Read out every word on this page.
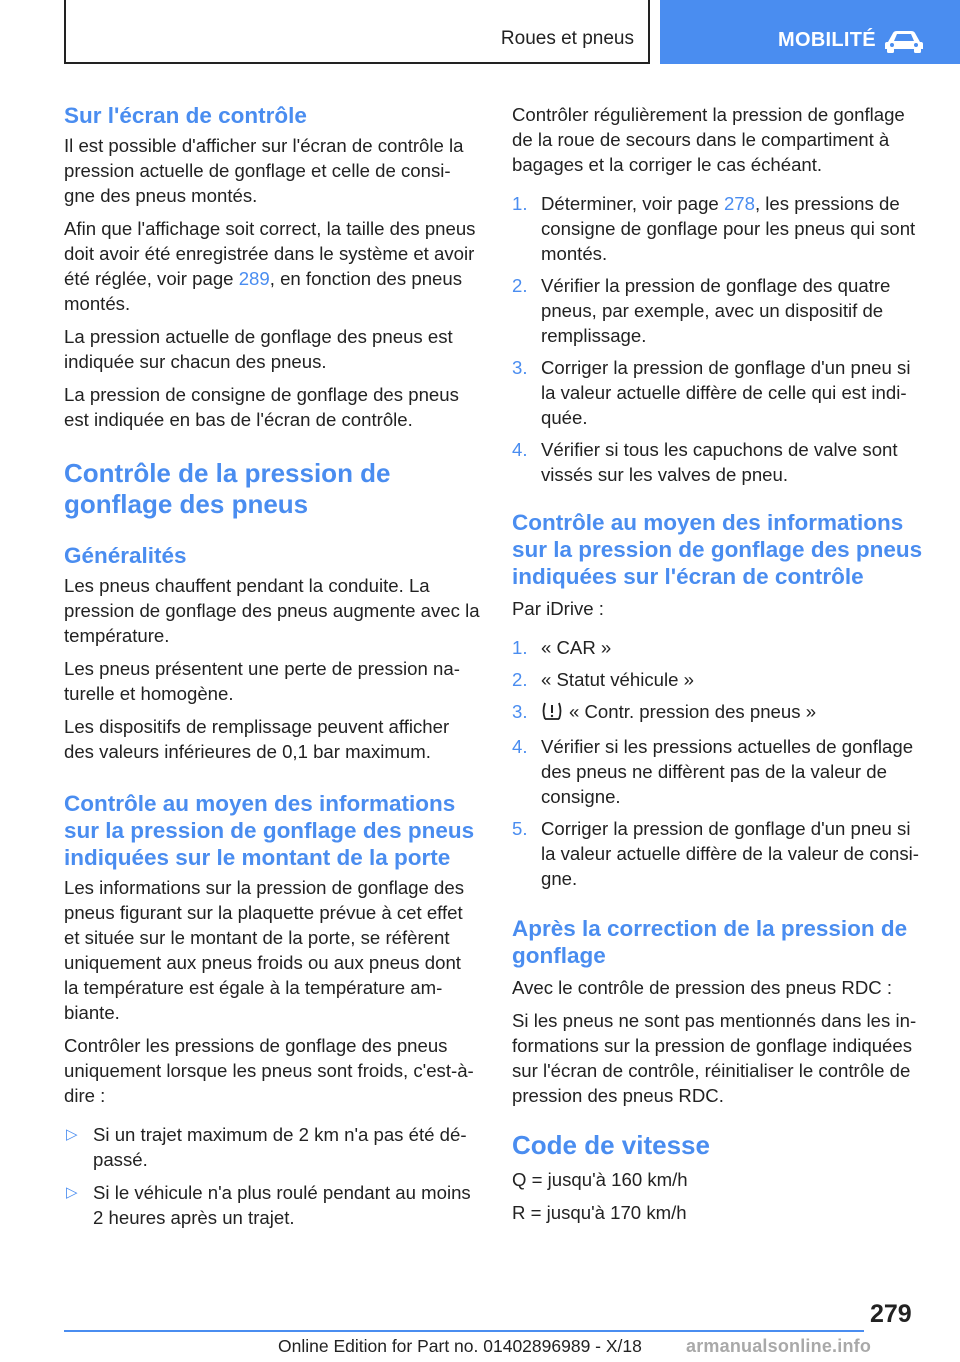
Roues et pneus	MOBILITÉ
Sur l'écran de contrôle

Il est possible d'afficher sur l'écran de contrôle la pression actuelle de gonflage et celle de consi-gne des pneus montés.

Afin que l'affichage soit correct, la taille des pneus doit avoir été enregistrée dans le système et avoir été réglée, voir page 289, en fonction des pneus montés.

La pression actuelle de gonflage des pneus est indiquée sur chacun des pneus.

La pression de consigne de gonflage des pneus est indiquée en bas de l'écran de contrôle.

Contrôle de la pression de gonflage des pneus
Généralités

Les pneus chauffent pendant la conduite. La pression de gonflage des pneus augmente avec la température.

Les pneus présentent une perte de pression na-turelle et homogène.

Les dispositifs de remplissage peuvent afficher des valeurs inférieures de 0,1 bar maximum.

Contrôle au moyen des informations sur la pression de gonflage des pneus indiquées sur le montant de la porte

Les informations sur la pression de gonflage des pneus figurant sur la plaquette prévue à cet effet et située sur le montant de la porte, se réfèrent uniquement aux pneus froids ou aux pneus dont la température est égale à la température am-biante.

Contrôler les pressions de gonflage des pneus uniquement lorsque les pneus sont froids, c'est-à-dire :

▷ Si un trajet maximum de 2 km n'a pas été dé-passé.
▷ Si le véhicule n'a plus roulé pendant au moins 2 heures après un trajet.

Contrôler régulièrement la pression de gonflage de la roue de secours dans le compartiment à bagages et la corriger le cas échéant.

1. Déterminer, voir page 278, les pressions de consigne de gonflage pour les pneus qui sont montés.
2. Vérifier la pression de gonflage des quatre pneus, par exemple, avec un dispositif de remplissage.
3. Corriger la pression de gonflage d'un pneu si la valeur actuelle diffère de celle qui est indi-quée.
4. Vérifier si tous les capuchons de valve sont vissés sur les valves de pneu.
Contrôle au moyen des informations sur la pression de gonflage des pneus indiquées sur l'écran de contrôle

Par iDrive :

1. « CAR »
2. « Statut véhicule »
3. « Contr. pression des pneus »
4. Vérifier si les pressions actuelles de gonflage des pneus ne diffèrent pas de la valeur de consigne.
5. Corriger la pression de gonflage d'un pneu si la valeur actuelle diffère de la valeur de consi-gne.
Après la correction de la pression de gonflage

Avec le contrôle de pression des pneus RDC :

Si les pneus ne sont pas mentionnés dans les in-formations sur la pression de gonflage indiquées sur l'écran de contrôle, réinitialiser le contrôle de pression des pneus RDC.

Code de vitesse

Q = jusqu'à 160 km/h

R = jusqu'à 170 km/h

279
Online Edition for Part no. 01402896989 - X/18 armanualsonline.info
